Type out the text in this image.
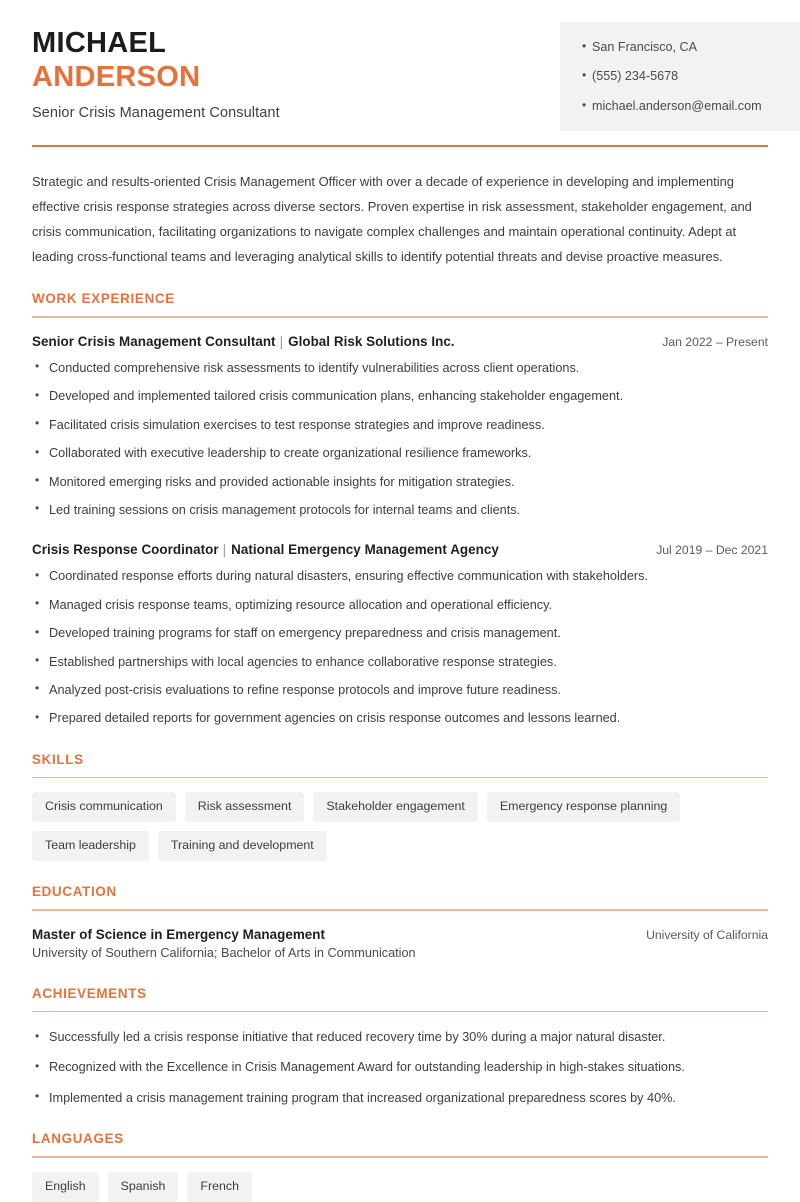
MICHAEL
ANDERSON
Senior Crisis Management Consultant
• San Francisco, CA
• (555) 234-5678
• michael.anderson@email.com
Strategic and results-oriented Crisis Management Officer with over a decade of experience in developing and implementing effective crisis response strategies across diverse sectors. Proven expertise in risk assessment, stakeholder engagement, and crisis communication, facilitating organizations to navigate complex challenges and maintain operational continuity. Adept at leading cross-functional teams and leveraging analytical skills to identify potential threats and devise proactive measures.
WORK EXPERIENCE
Senior Crisis Management Consultant | Global Risk Solutions Inc.	Jan 2022 – Present
• Conducted comprehensive risk assessments to identify vulnerabilities across client operations.
• Developed and implemented tailored crisis communication plans, enhancing stakeholder engagement.
• Facilitated crisis simulation exercises to test response strategies and improve readiness.
• Collaborated with executive leadership to create organizational resilience frameworks.
• Monitored emerging risks and provided actionable insights for mitigation strategies.
• Led training sessions on crisis management protocols for internal teams and clients.
Crisis Response Coordinator | National Emergency Management Agency	Jul 2019 – Dec 2021
• Coordinated response efforts during natural disasters, ensuring effective communication with stakeholders.
• Managed crisis response teams, optimizing resource allocation and operational efficiency.
• Developed training programs for staff on emergency preparedness and crisis management.
• Established partnerships with local agencies to enhance collaborative response strategies.
• Analyzed post-crisis evaluations to refine response protocols and improve future readiness.
• Prepared detailed reports for government agencies on crisis response outcomes and lessons learned.
SKILLS
Crisis communication	Risk assessment	Stakeholder engagement	Emergency response planning
Team leadership	Training and development
EDUCATION
Master of Science in Emergency Management	University of California
University of Southern California; Bachelor of Arts in Communication
ACHIEVEMENTS
• Successfully led a crisis response initiative that reduced recovery time by 30% during a major natural disaster.
• Recognized with the Excellence in Crisis Management Award for outstanding leadership in high-stakes situations.
• Implemented a crisis management training program that increased organizational preparedness scores by 40%.
LANGUAGES
English	Spanish	French
